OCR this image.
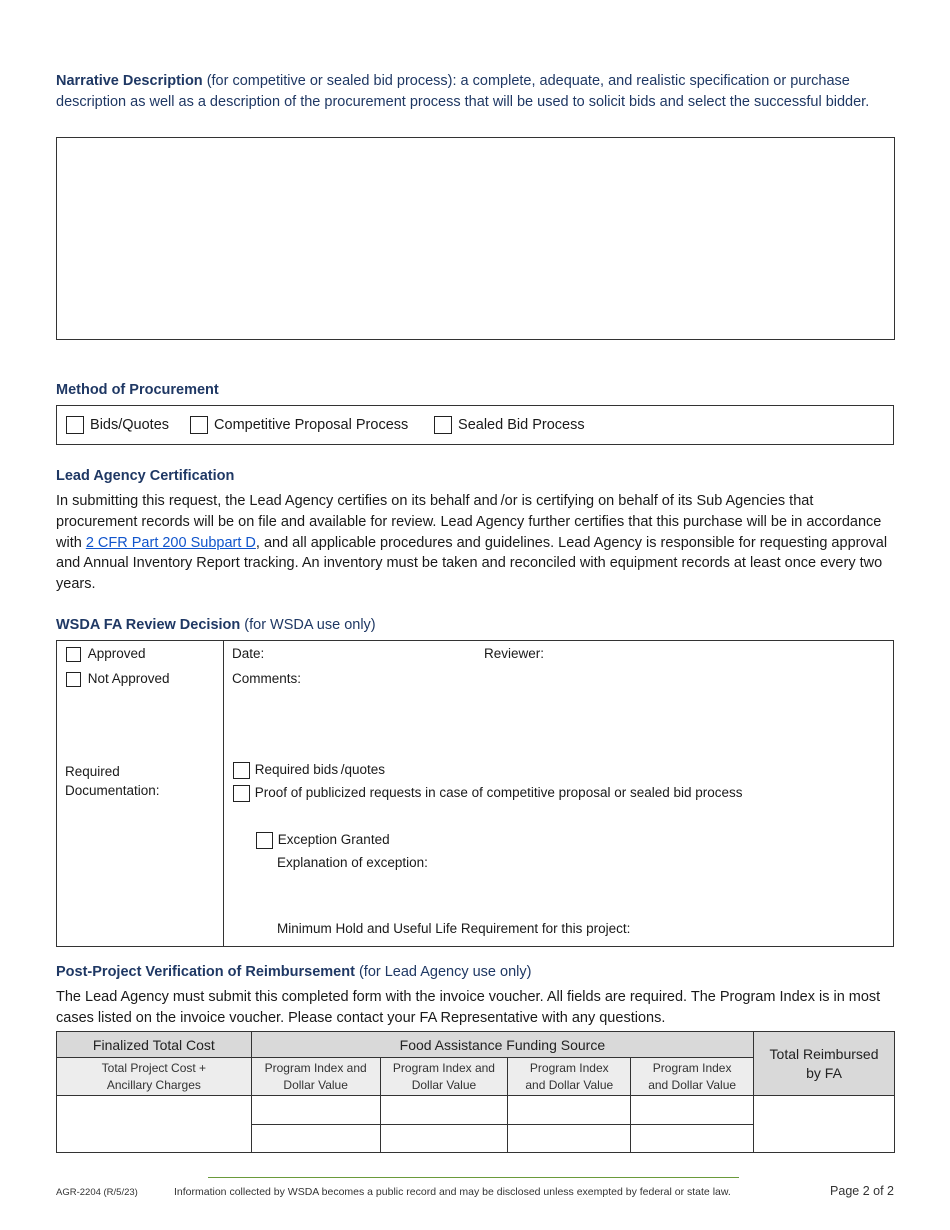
Narrative Description (for competitive or sealed bid process): a complete, adequate, and realistic specification or purchase description as well as a description of the procurement process that will be used to solicit bids and select the successful bidder.
Method of Procurement
Bids/Quotes	Competitive Proposal Process	Sealed Bid Process
Lead Agency Certification
In submitting this request, the Lead Agency certifies on its behalf and /or is certifying on behalf of its Sub Agencies that procurement records will be on file and available for review. Lead Agency further certifies that this purchase will be in accordance with 2 CFR Part 200 Subpart D, and all applicable procedures and guidelines. Lead Agency is responsible for requesting approval and Annual Inventory Report tracking. An inventory must be taken and reconciled with equipment records at least once every two years.
WSDA FA Review Decision (for WSDA use only)
Approved
Not Approved
Required
Documentation:
Date:	Reviewer:
Comments:
Required bids /quotes
Proof of publicized requests in case of competitive proposal or sealed bid process
Exception Granted
Explanation of exception:
Minimum Hold and Useful Life Requirement for this project:
Post-Project Verification of Reimbursement (for Lead Agency use only)
The Lead Agency must submit this completed form with the invoice voucher. All fields are required. The Program Index is in most cases listed on the invoice voucher. Please contact your FA Representative with any questions.
Finalized Total Cost	Food Assistance Funding Source				Total Reimbursed by FA
Total Project Cost + Ancillary Charges	Program Index and Dollar Value	Program Index and Dollar Value	Program Index and Dollar Value	Program Index and Dollar Value	

AGR-2204 (R/5/23)	Information collected by WSDA becomes a public record and may be disclosed unless exempted by federal or state law.	Page 2 of 2
